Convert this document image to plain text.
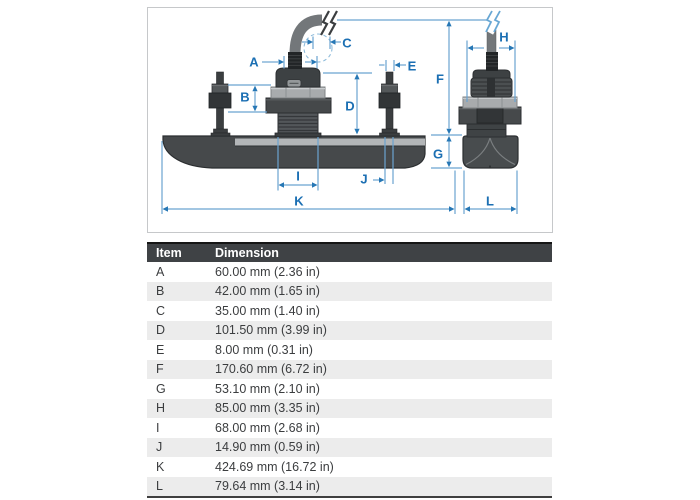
A
B
C
D
E
F
G
H
I	J
K	L
Item	Dimension
A	60.00 mm (2.36 in)
B	42.00 mm (1.65 in)
C	35.00 mm (1.40 in)
D	101.50 mm (3.99 in)
E	8.00 mm (0.31 in)
F	170.60 mm (6.72 in)
G	53.10 mm (2.10 in)
H	85.00 mm (3.35 in)
I	68.00 mm (2.68 in)
J	14.90 mm (0.59 in)
K	424.69 mm (16.72 in)
L	79.64 mm (3.14 in)
